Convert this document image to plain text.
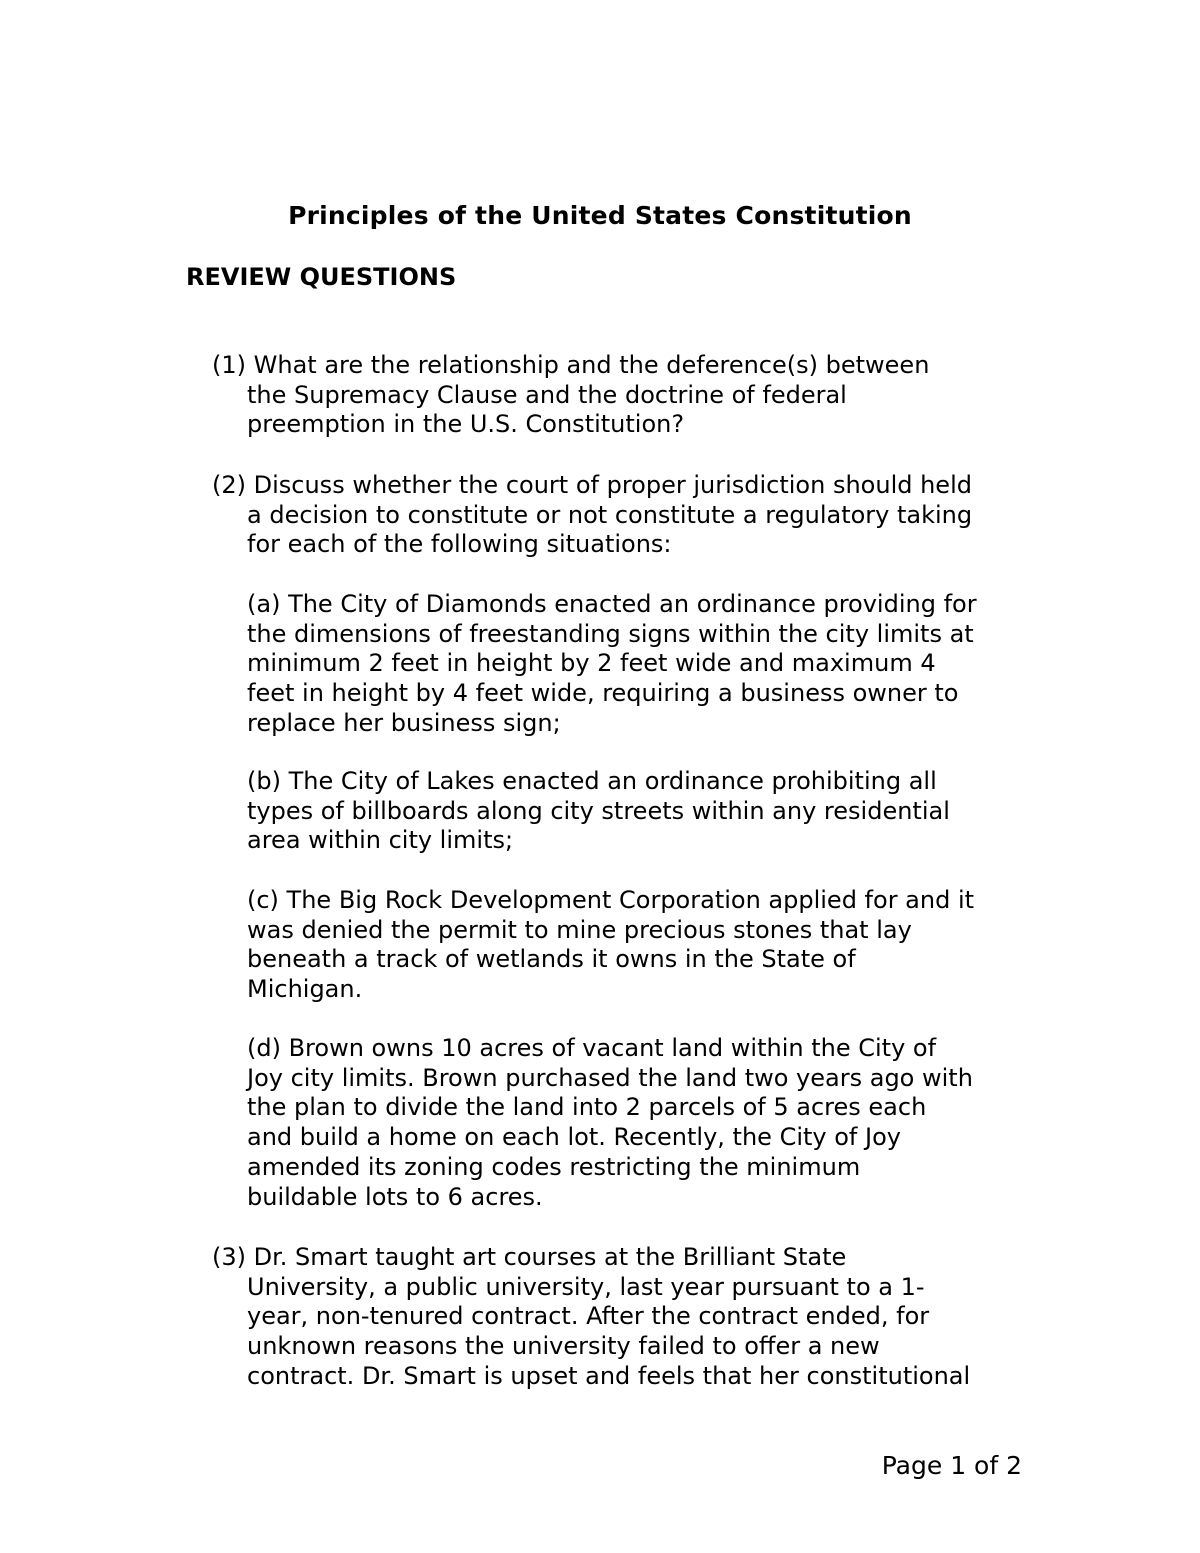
Principles of the United States Constitution
REVIEW QUESTIONS
(1) What are the relationship and the deference(s) between
the Supremacy Clause and the doctrine of federal
preemption in the U.S. Constitution?
(2) Discuss whether the court of proper jurisdiction should held
a decision to constitute or not constitute a regulatory taking
for each of the following situations:
(a) The City of Diamonds enacted an ordinance providing for
the dimensions of freestanding signs within the city limits at
minimum 2 feet in height by 2 feet wide and maximum 4
feet in height by 4 feet wide, requiring a business owner to
replace her business sign;
(b) The City of Lakes enacted an ordinance prohibiting all
types of billboards along city streets within any residential
area within city limits;
(c) The Big Rock Development Corporation applied for and it
was denied the permit to mine precious stones that lay
beneath a track of wetlands it owns in the State of
Michigan.
(d) Brown owns 10 acres of vacant land within the City of
Joy city limits. Brown purchased the land two years ago with
the plan to divide the land into 2 parcels of 5 acres each
and build a home on each lot. Recently, the City of Joy
amended its zoning codes restricting the minimum
buildable lots to 6 acres.
(3) Dr. Smart taught art courses at the Brilliant State
University, a public university, last year pursuant to a 1-
year, non-tenured contract. After the contract ended, for
unknown reasons the university failed to offer a new
contract. Dr. Smart is upset and feels that her constitutional
Page 1 of 2
